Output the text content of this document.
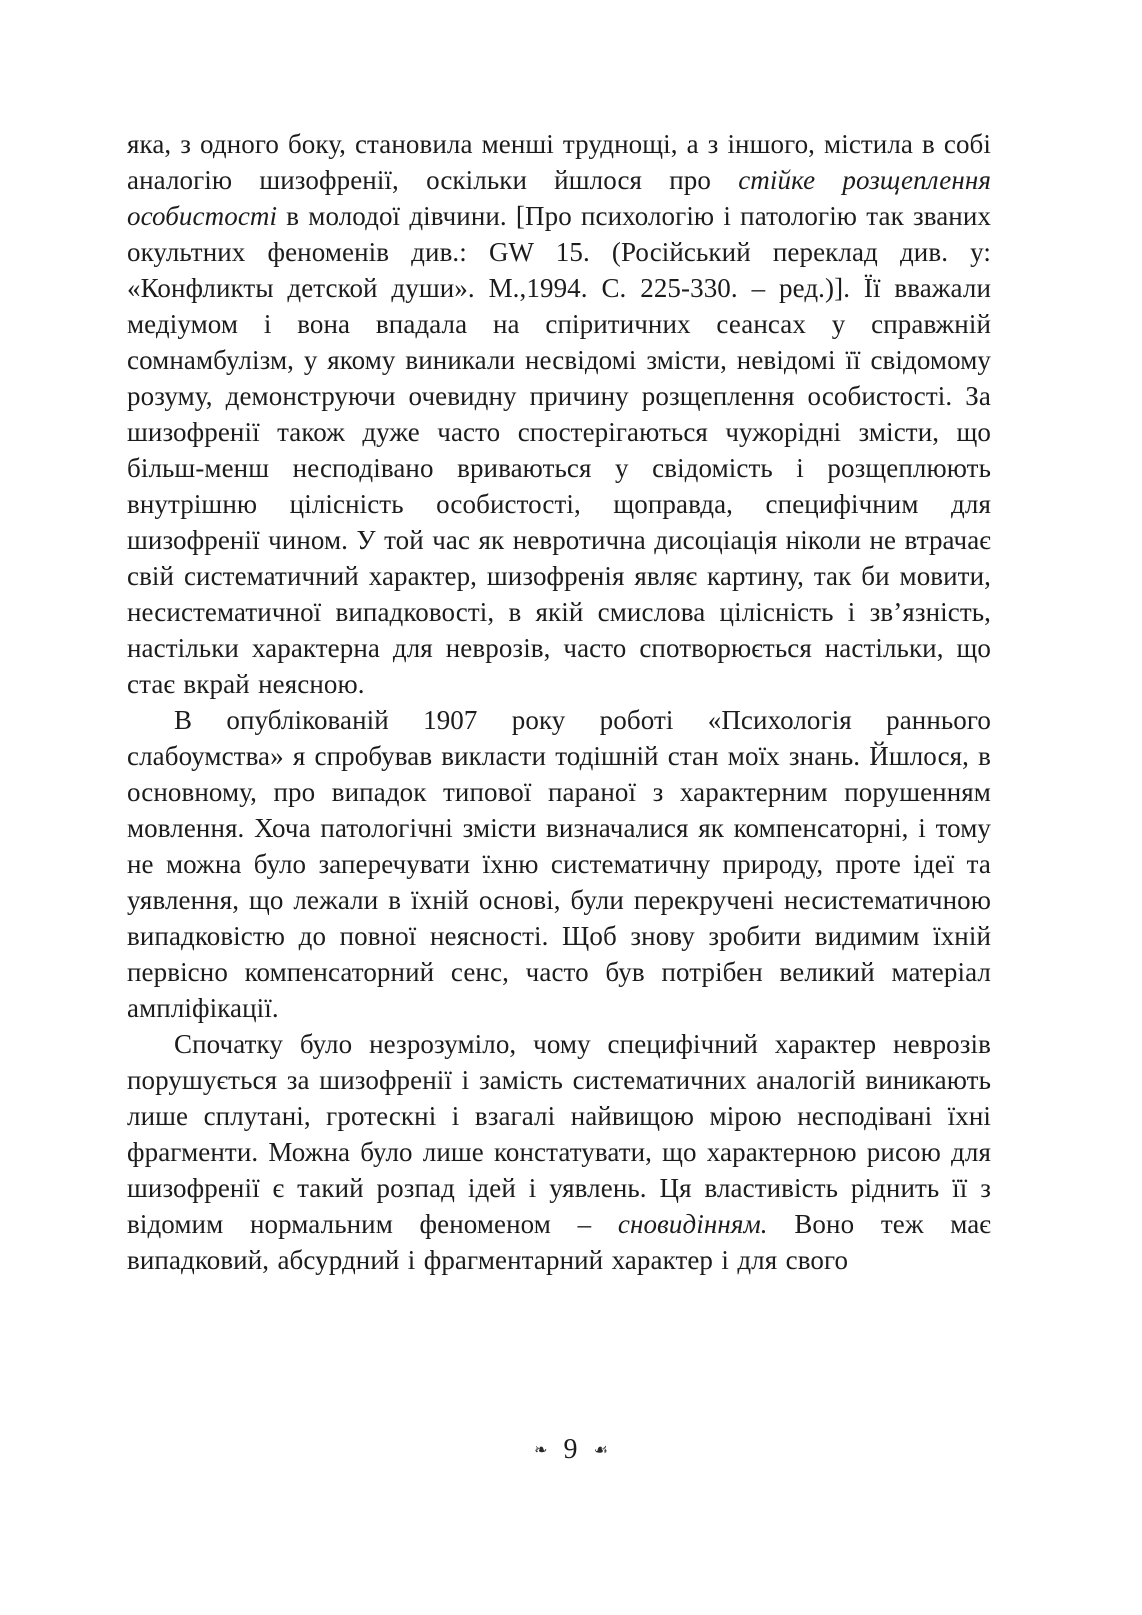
яка, з одного боку, становила менші труднощі, а з іншого, містила в собі аналогію шизофренії, оскільки йшлося про стійке розщеплення особистості в молодої дівчини. [Про психологію і патологію так званих окультних феноменів див.: GW 15. (Російський переклад див. у: «Конфликты детской души». М.,1994. С. 225-330. – ред.)]. Її вважали медіумом і вона впадала на спіритичних сеансах у справжній сомнамбулізм, у якому виникали несвідомі змісти, невідомі її свідомому розуму, демонструючи очевидну причину розщеплення особистості. За шизофренії також дуже часто спостерігаються чужорідні змісти, що більш-менш несподівано вриваються у свідомість і розщеплюють внутрішню цілісність особистості, щоправда, специфічним для шизофренії чином. У той час як невротична дисоціація ніколи не втрачає свій систематичний характер, шизофренія являє картину, так би мовити, несистематичної випадковості, в якій смислова цілісність і зв’язність, настільки характерна для неврозів, часто спотворюється настільки, що стає вкрай неясною.

В опублікованій 1907 року роботі «Психологія раннього слабоумства» я спробував викласти тодішній стан моїх знань. Йшлося, в основному, про випадок типової параної з характерним порушенням мовлення. Хоча патологічні змісти визначалися як компенсаторні, і тому не можна було заперечувати їхню систематичну природу, проте ідеї та уявлення, що лежали в їхній основі, були перекручені несистематичною випадковістю до повної неясності. Щоб знову зробити видимим їхній первісно компенсаторний сенс, часто був потрібен великий матеріал ампліфікації.

Спочатку було незрозуміло, чому специфічний характер неврозів порушується за шизофренії і замість систематичних аналогій виникають лише сплутані, гротескні і взагалі найвищою мірою несподівані їхні фрагменти. Можна було лише констатувати, що характерною рисою для шизофренії є такий розпад ідей і уявлень. Ця властивість ріднить її з відомим нормальним феноменом – сновидінням. Воно теж має випадковий, абсурдний і фрагментарний характер і для свого

❧ 9 ☙
